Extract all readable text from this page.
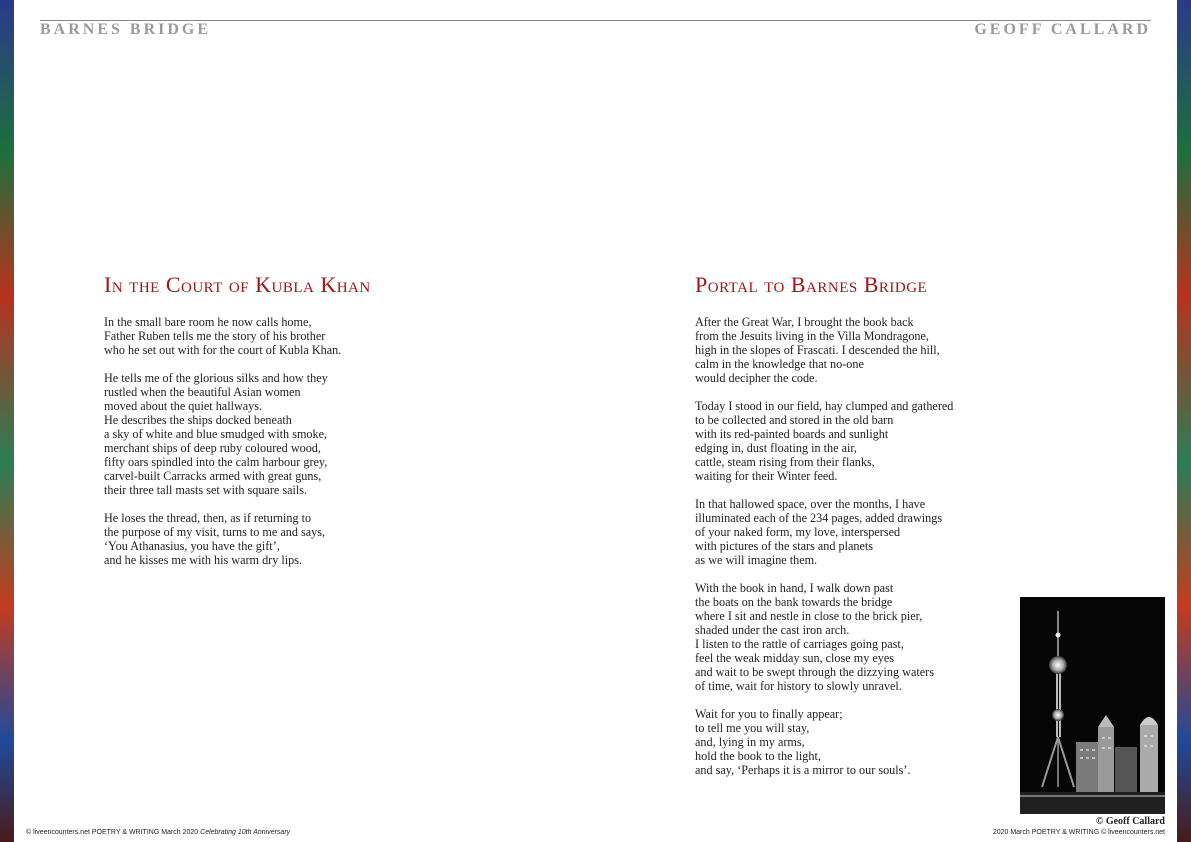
BARNES BRIDGE	GEOFF CALLARD
In the Court of Kubla Khan
In the small bare room he now calls home,
Father Ruben tells me the story of his brother
who he set out with for the court of Kubla Khan.
He tells me of the glorious silks and how they
rustled when the beautiful Asian women
moved about the quiet hallways.
He describes the ships docked beneath
a sky of white and blue smudged with smoke,
merchant ships of deep ruby coloured wood,
fifty oars spindled into the calm harbour grey,
carvel-built Carracks armed with great guns,
their three tall masts set with square sails.
He loses the thread, then, as if returning to
the purpose of my visit, turns to me and says,
‘You Athanasius, you have the gift’,
and he kisses me with his warm dry lips.
Portal to Barnes Bridge
After the Great War, I brought the book back
from the Jesuits living in the Villa Mondragone,
high in the slopes of Frascati. I descended the hill,
calm in the knowledge that no-one
would decipher the code.
Today I stood in our field, hay clumped and gathered
to be collected and stored in the old barn
with its red-painted boards and sunlight
edging in, dust floating in the air,
cattle, steam rising from their flanks,
waiting for their Winter feed.
In that hallowed space, over the months, I have
illuminated each of the 234 pages, added drawings
of your naked form, my love, interspersed
with pictures of the stars and planets
as we will imagine them.
With the book in hand, I walk down past
the boats on the bank towards the bridge
where I sit and nestle in close to the brick pier,
shaded under the cast iron arch.
I listen to the rattle of carriages going past,
feel the weak midday sun, close my eyes
and wait to be swept through the dizzying waters
of time, wait for history to slowly unravel.
Wait for you to finally appear;
to tell me you will stay,
and, lying in my arms,
hold the book to the light,
and say, ‘Perhaps it is a mirror to our souls’.
© Geoff Callard
© liveencounters.net POETRY & WRITING March 2020 Celebrating 10th Anniversary	2020 March POETRY & WRITING © liveencounters.net
